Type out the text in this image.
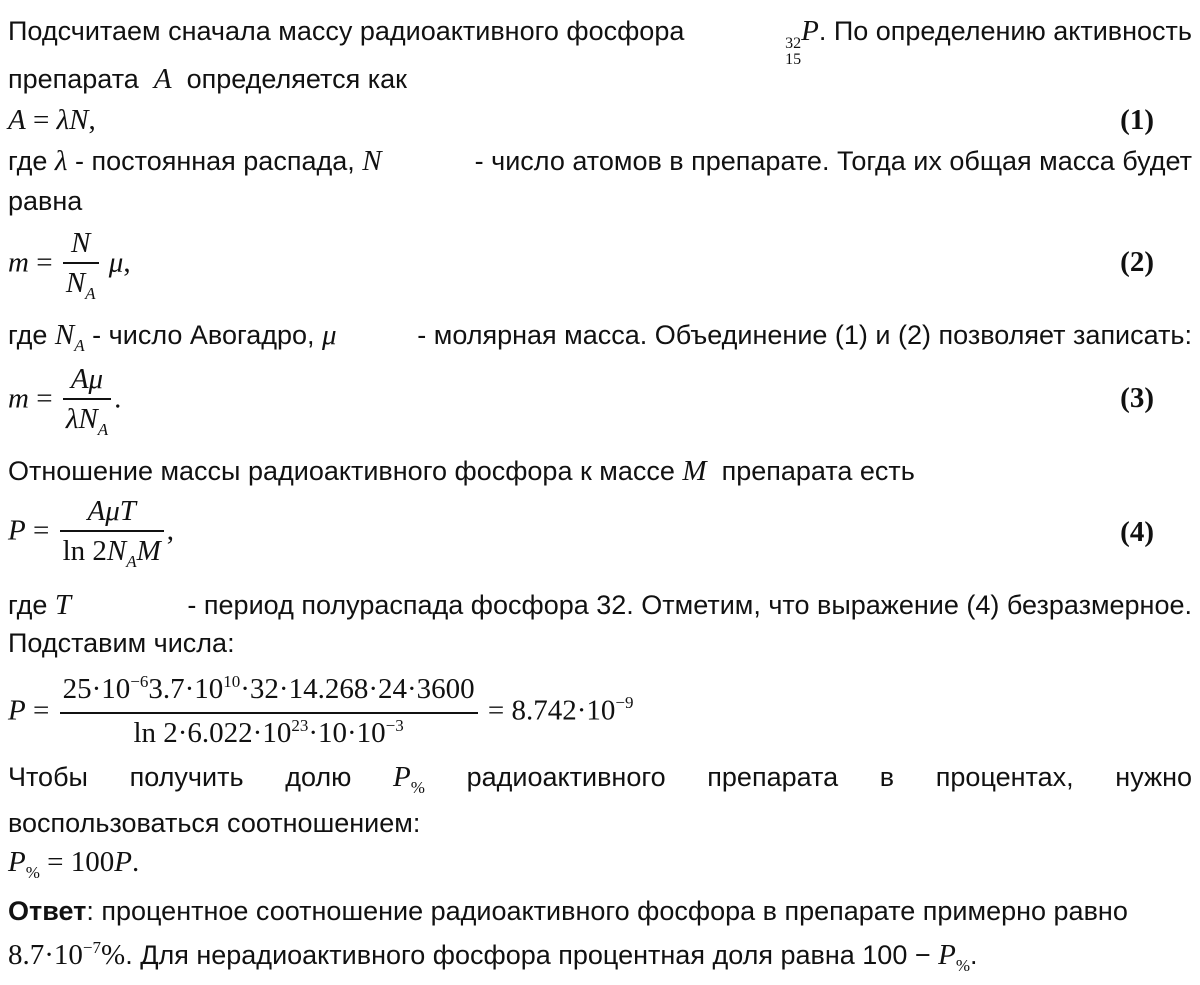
Подсчитаем сначала массу радиоактивного фосфора	32
15
P. По определению активность
препарата A определяется как
A = λN,	(1)
где λ - постоянная распада, N	- число атомов в препарате. Тогда их общая масса будет
равна
$m = \frac{N}{N_A} \mu$,	(2)
где $N_A$ - число Авогадро, μ	- молярная масса. Объединение (1) и (2) позволяет записать:
$m = \frac{A\mu}{\lambda N_A}$ .	(3)
Отношение массы радиоактивного фосфора к массе M препарата есть
$P = \frac{\text{AμT}}{\ln 2N_AM}$ ,	(4)
где T	- период полураспада фосфора 32. Отметим, что выражение (4) безразмерное.
Подставим числа:
$P = \frac{25\cdot 10^{-6}3.7\cdot 10^{10}\cdot 32\cdot 14.268\cdot 24\cdot 3600}{\ln 2\cdot 6.022\cdot 10^{23}\cdot 10\cdot 10^{-3}} = 8.742\cdot 10^{-9}$
Чтобы получить долю $P_{\%}$ радиоактивного препарата в процентах, нужно
воспользоваться соотношением:
$P_{\%} = 100P$.
Ответ: процентное соотношение радиоактивного фосфора в препарате примерно равно
$8.7\cdot 10^{-7}\%$. Для нерадиоактивного фосфора процентная доля равна $100 - P_{\%}$.
